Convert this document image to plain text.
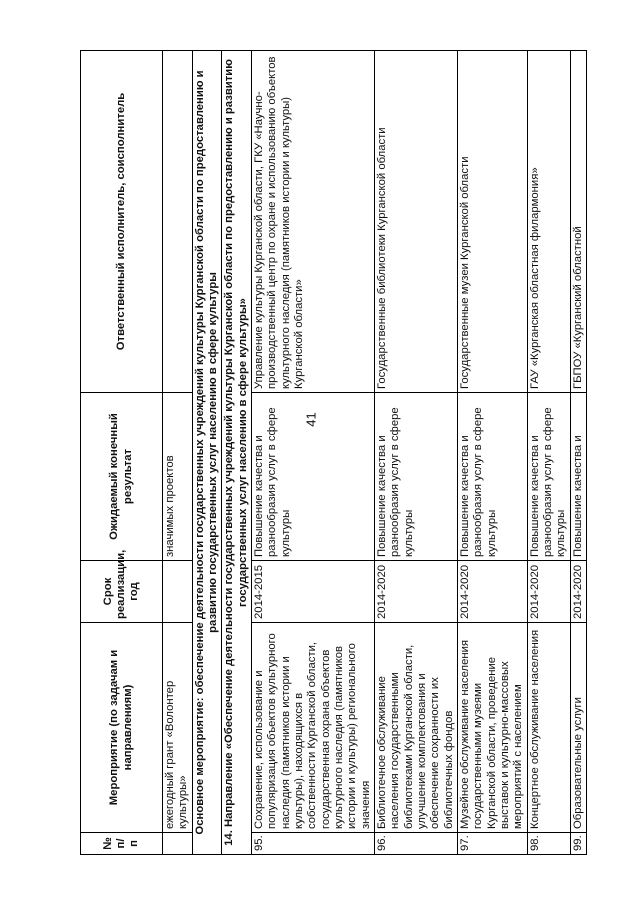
41
№ п/п	Мероприятие (по задачам и направлениям)	Срок реализации, год	Ожидаемый конечный результат	Ответственный исполнитель, соисполнитель
	ежегодный грант «Волонтер культуры»		значимых проектов	
Основное мероприятие: обеспечение деятельности государственных учреждений культуры Курганской области по предоставлению и развитию государственных услуг населению в сфере культуры				
14. Направление «Обеспечение деятельности государственных учреждений культуры Курганской области по предоставлению и развитию государственных услуг населению в сфере культуры»				
95.	Сохранение, использование и популяризация объектов культурного наследия (памятников истории и культуры), находящихся в собственности Курганской области, государственная охрана объектов культурного наследия (памятников истории и культуры) регионального значения	2014-2015	Повышение качества и разнообразия услуг в сфере культуры	Управление культуры Курганской области, ГКУ «Научно-производственный центр по охране и использованию объектов культурного наследия (памятников истории и культуры) Курганской области»
96.	Библиотечное обслуживание населения государственными библиотеками Курганской области, улучшение комплектования и обеспечение сохранности их библиотечных фондов	2014-2020	Повышение качества и разнообразия услуг в сфере культуры	Государственные библиотеки Курганской области
97.	Музейное обслуживание населения государственными музеями Курганской области, проведение выставок и культурно-массовых мероприятий с населением	2014-2020	Повышение качества и разнообразия услуг в сфере культуры	Государственные музеи Курганской области
98.	Концертное обслуживание населения	2014-2020	Повышение качества и разнообразия услуг в сфере культуры	ГАУ «Курганская областная филармония»
99.	Образовательные услуги	2014-2020	Повышение качества и	ГБПОУ «Курганский областной
